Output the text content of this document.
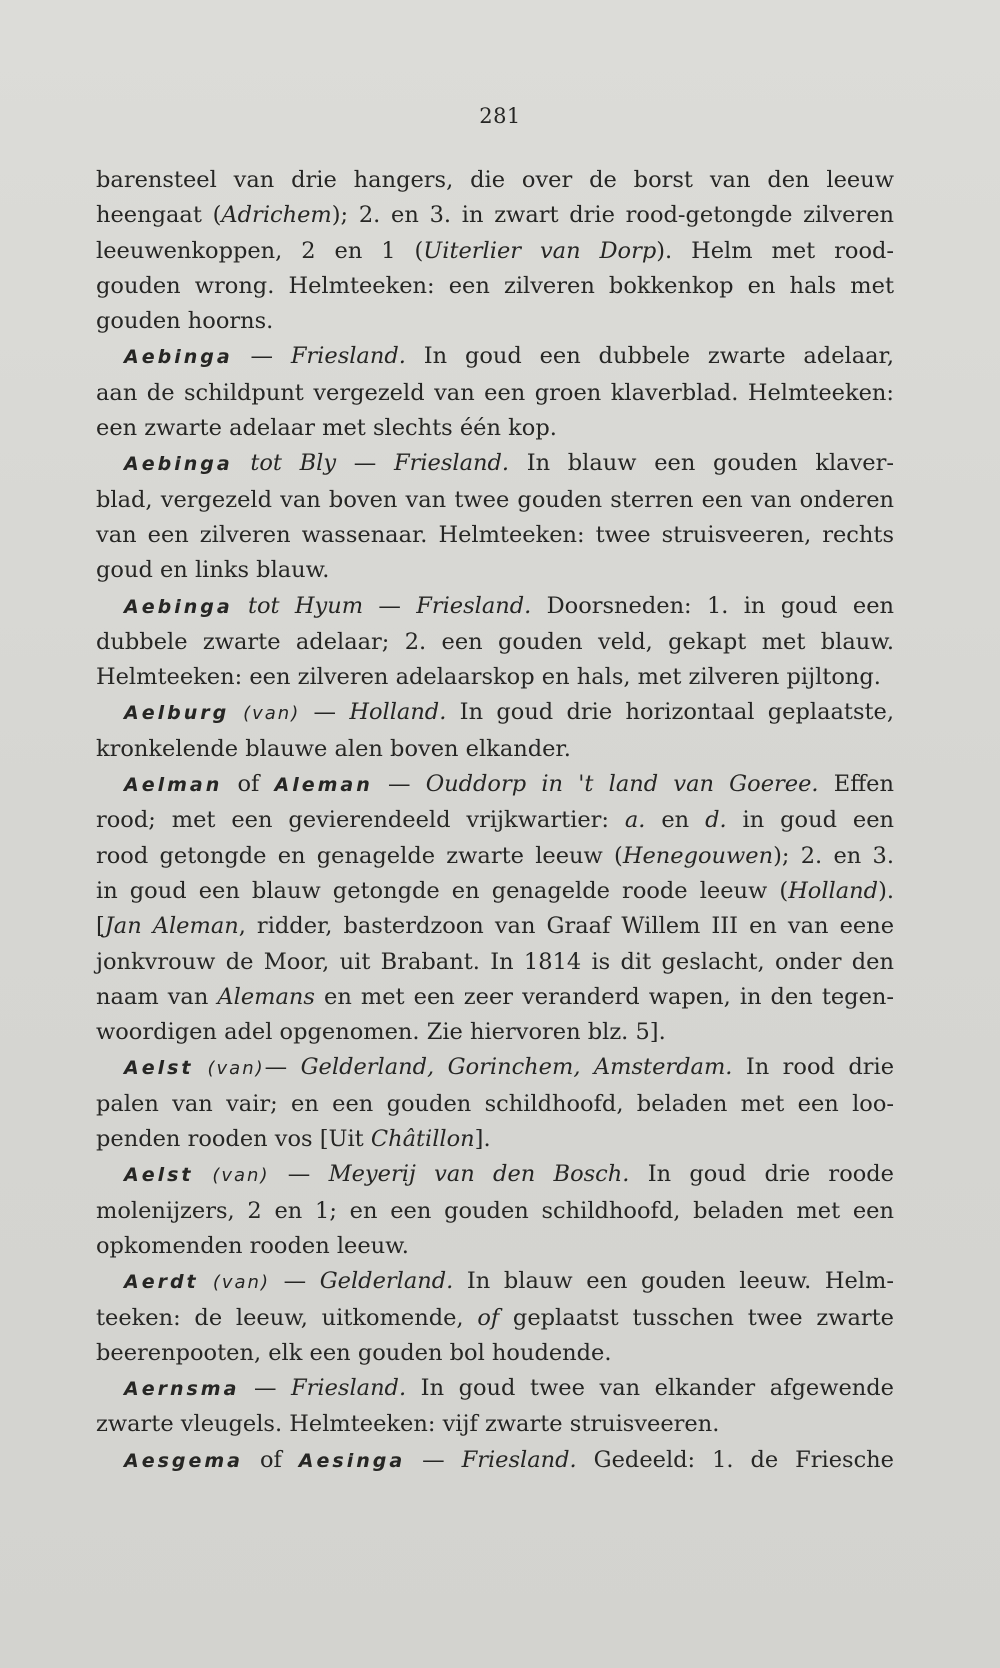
281

barensteel van drie hangers, die over de borst van den leeuw
heengaat (Adrichem); 2. en 3. in zwart drie rood-getongde zilveren
leeuwenkoppen, 2 en 1 (Uiterlier van Dorp). Helm met rood-
gouden wrong. Helmteeken: een zilveren bokkenkop en hals met
gouden hoorns.

Aebinga — Friesland. In goud een dubbele zwarte adelaar,
aan de schildpunt vergezeld van een groen klaverblad. Helmteeken:
een zwarte adelaar met slechts één kop.

Aebinga tot Bly — Friesland. In blauw een gouden klaver-
blad, vergezeld van boven van twee gouden sterren een van onderen
van een zilveren wassenaar. Helmteeken: twee struisveeren, rechts
goud en links blauw.

Aebinga tot Hyum — Friesland. Doorsneden: 1. in goud een
dubbele zwarte adelaar; 2. een gouden veld, gekapt met blauw.
Helmteeken: een zilveren adelaarskop en hals, met zilveren pijltong.

Aelburg (van) — Holland. In goud drie horizontaal geplaatste,
kronkelende blauwe alen boven elkander.

Aelman of Aleman — Ouddorp in 't land van Goeree. Effen
rood; met een gevierendeeld vrijkwartier: a. en d. in goud een
rood getongde en genagelde zwarte leeuw (Henegouwen); 2. en 3.
in goud een blauw getongde en genagelde roode leeuw (Holland).
[Jan Aleman, ridder, basterdzoon van Graaf Willem III en van eene
jonkvrouw de Moor, uit Brabant. In 1814 is dit geslacht, onder den
naam van Alemans en met een zeer veranderd wapen, in den tegen-
woordigen adel opgenomen. Zie hiervoren blz. 5].

Aelst (van)— Gelderland, Gorinchem, Amsterdam. In rood drie
palen van vair; en een gouden schildhoofd, beladen met een loo-
penden rooden vos [Uit Châtillon].

Aelst (van) — Meyerij van den Bosch. In goud drie roode
molenijzers, 2 en 1; en een gouden schildhoofd, beladen met een
opkomenden rooden leeuw.

Aerdt (van) — Gelderland. In blauw een gouden leeuw. Helm-
teeken: de leeuw, uitkomende, of geplaatst tusschen twee zwarte
beerenpooten, elk een gouden bol houdende.

Aernsma — Friesland. In goud twee van elkander afgewende
zwarte vleugels. Helmteeken: vijf zwarte struisveeren.

Aesgema of Aesinga — Friesland. Gedeeld: 1. de Friesche
